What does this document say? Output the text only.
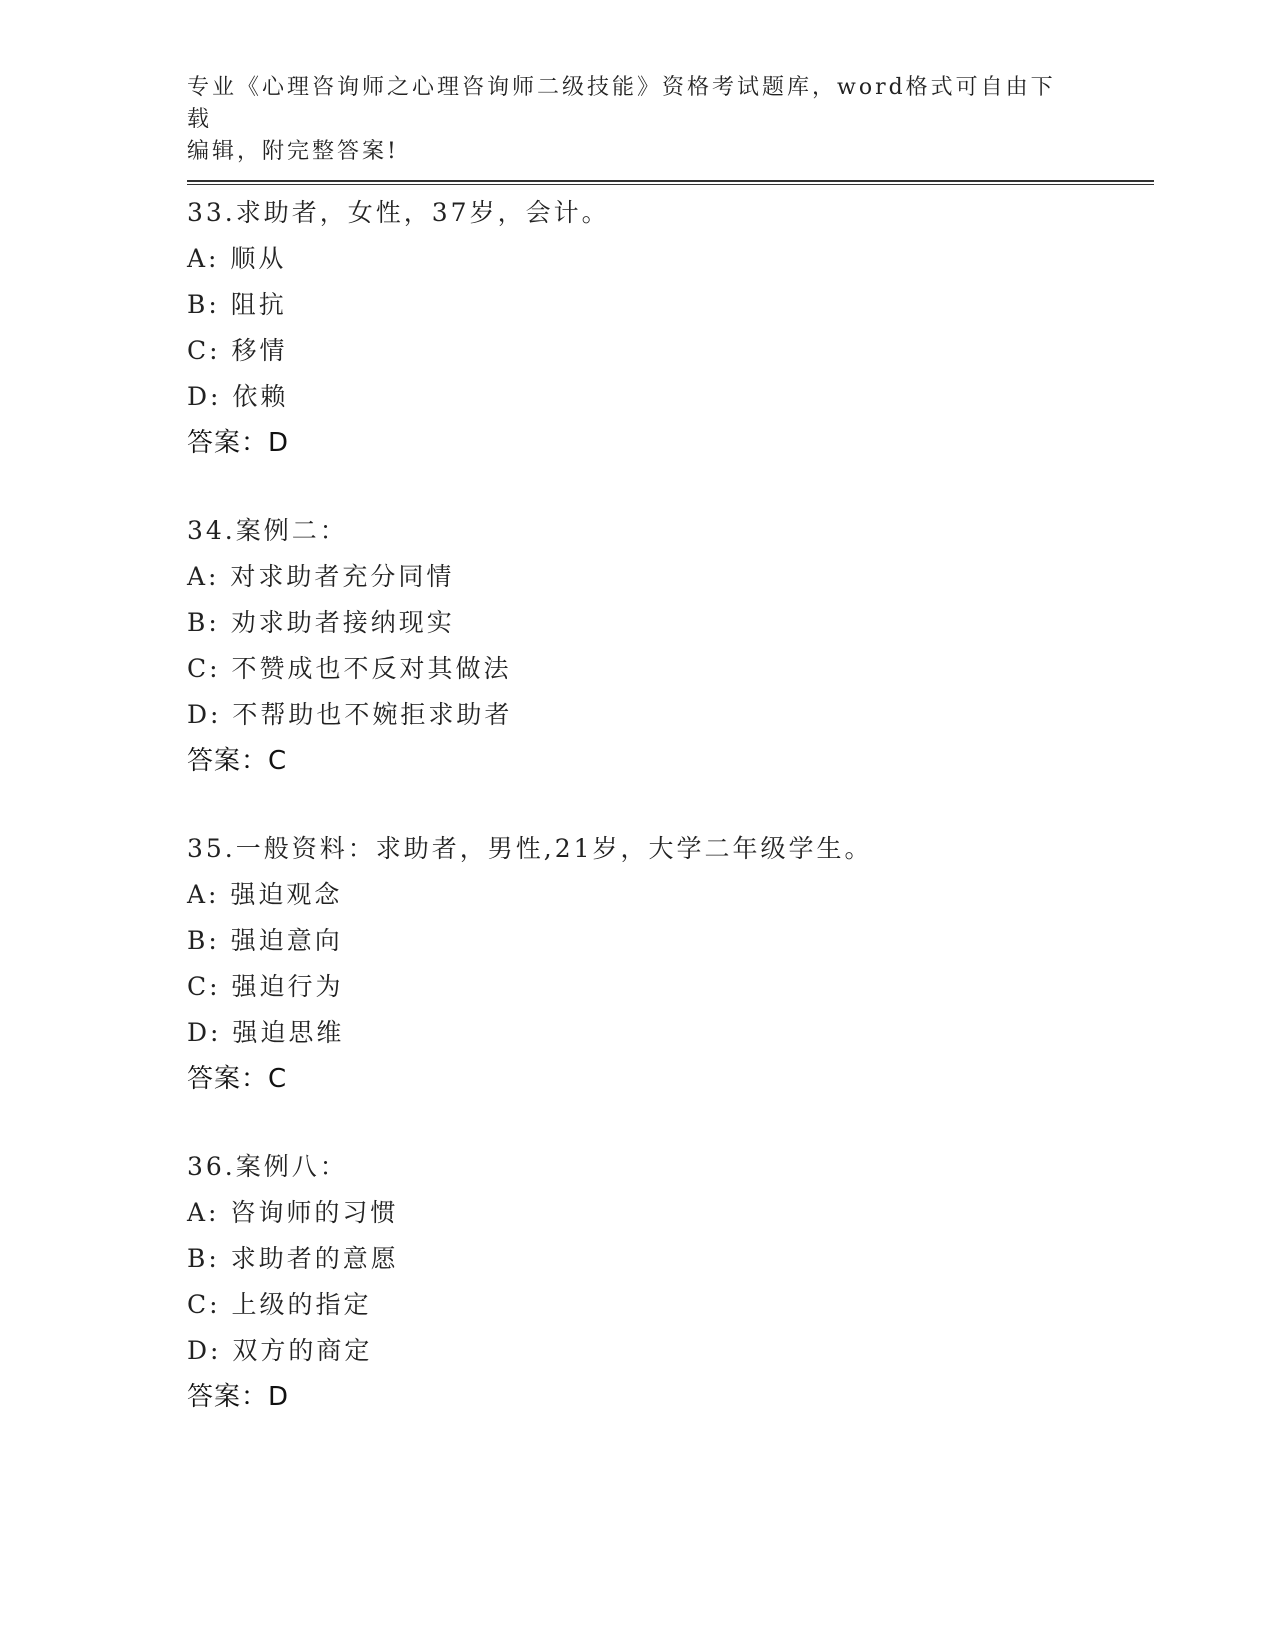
专业《心理咨询师之心理咨询师二级技能》资格考试题库，word格式可自由下载
编辑，附完整答案!
33.求助者，女性，37岁，会计。
A: 顺从
B: 阻抗
C: 移情
D: 依赖
答案：D
34.案例二：
A: 对求助者充分同情
B: 劝求助者接纳现实
C: 不赞成也不反对其做法
D: 不帮助也不婉拒求助者
答案：C
35.一般资料：求助者，男性,21岁，大学二年级学生。
A: 强迫观念
B: 强迫意向
C: 强迫行为
D: 强迫思维
答案：C
36.案例八：
A: 咨询师的习惯
B: 求助者的意愿
C: 上级的指定
D: 双方的商定
答案：D
